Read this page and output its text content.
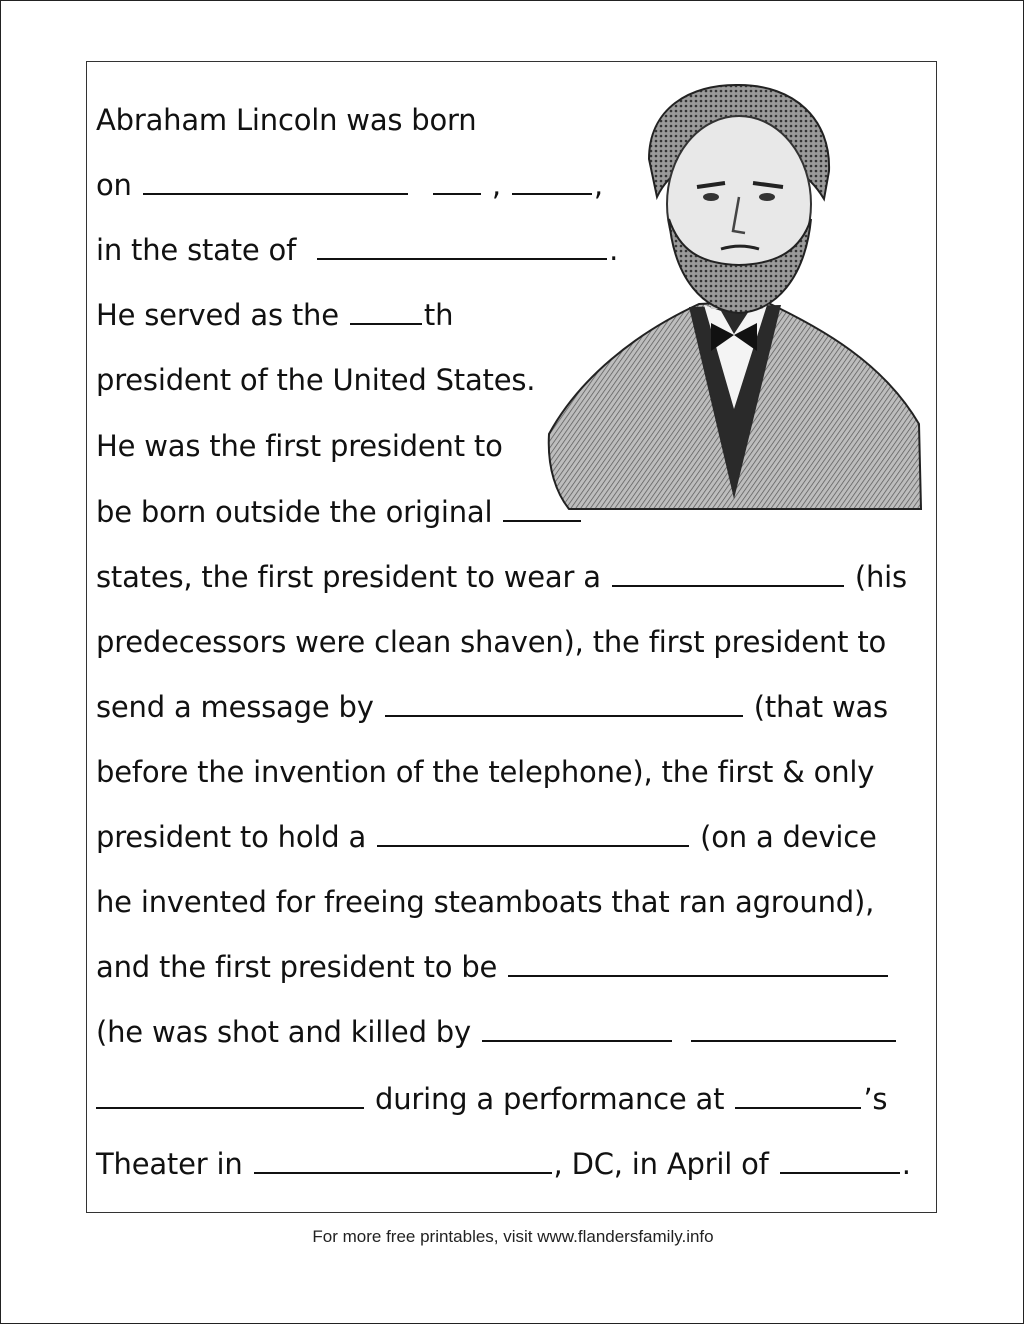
Abraham Lincoln was born
on	,	,
in the state of	.
He served as the	th
president of the United States.
He was the first president to
be born outside the original
states, the first president to wear a	(his
predecessors were clean shaven), the first president to
send a message by	(that was
before the invention of the telephone), the first & only
president to hold a	(on a device
he invented for freeing steamboats that ran aground),
and the first president to be
(he was shot and killed by
during a performance at	’s
Theater in	, DC, in April of	.
For more free printables, visit www.flandersfamily.info
